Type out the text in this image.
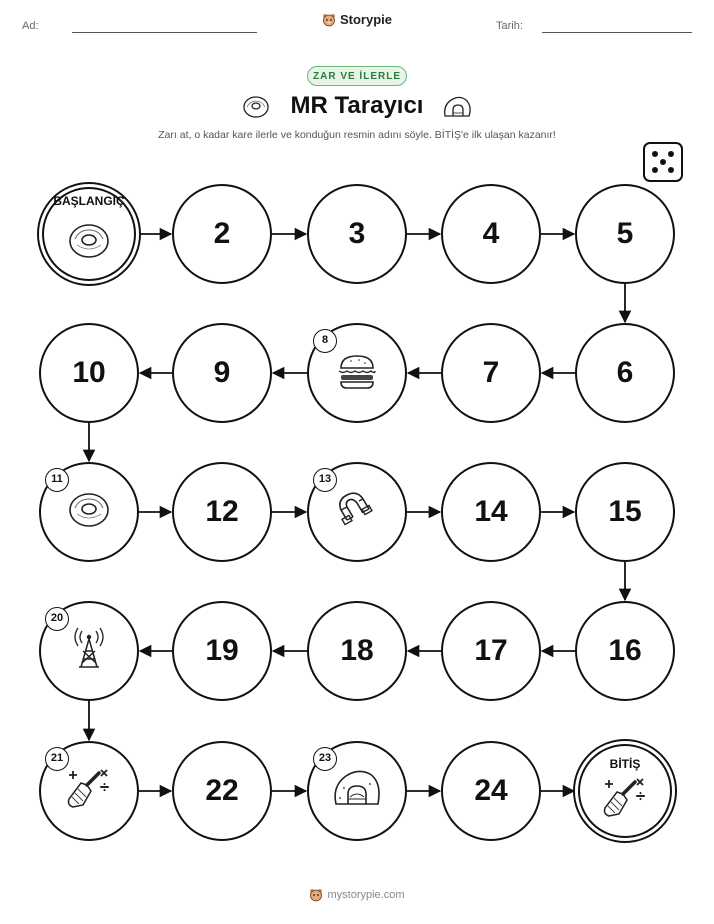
Ad:	Tarih:
Storypie
ZAR VE İLERLE
MR Tarayıcı
Zarı at, o kadar kare ilerle ve konduğun resmin adını söyle. BİTİŞ'e ilk ulaşan kazanır!
BAŞLANGIÇ
2	3	4	5
6
7
8
9
10
11
12
13
14	15
16
17
18
19
20
21
22
23
24
BİTİŞ
mystorypie.com
